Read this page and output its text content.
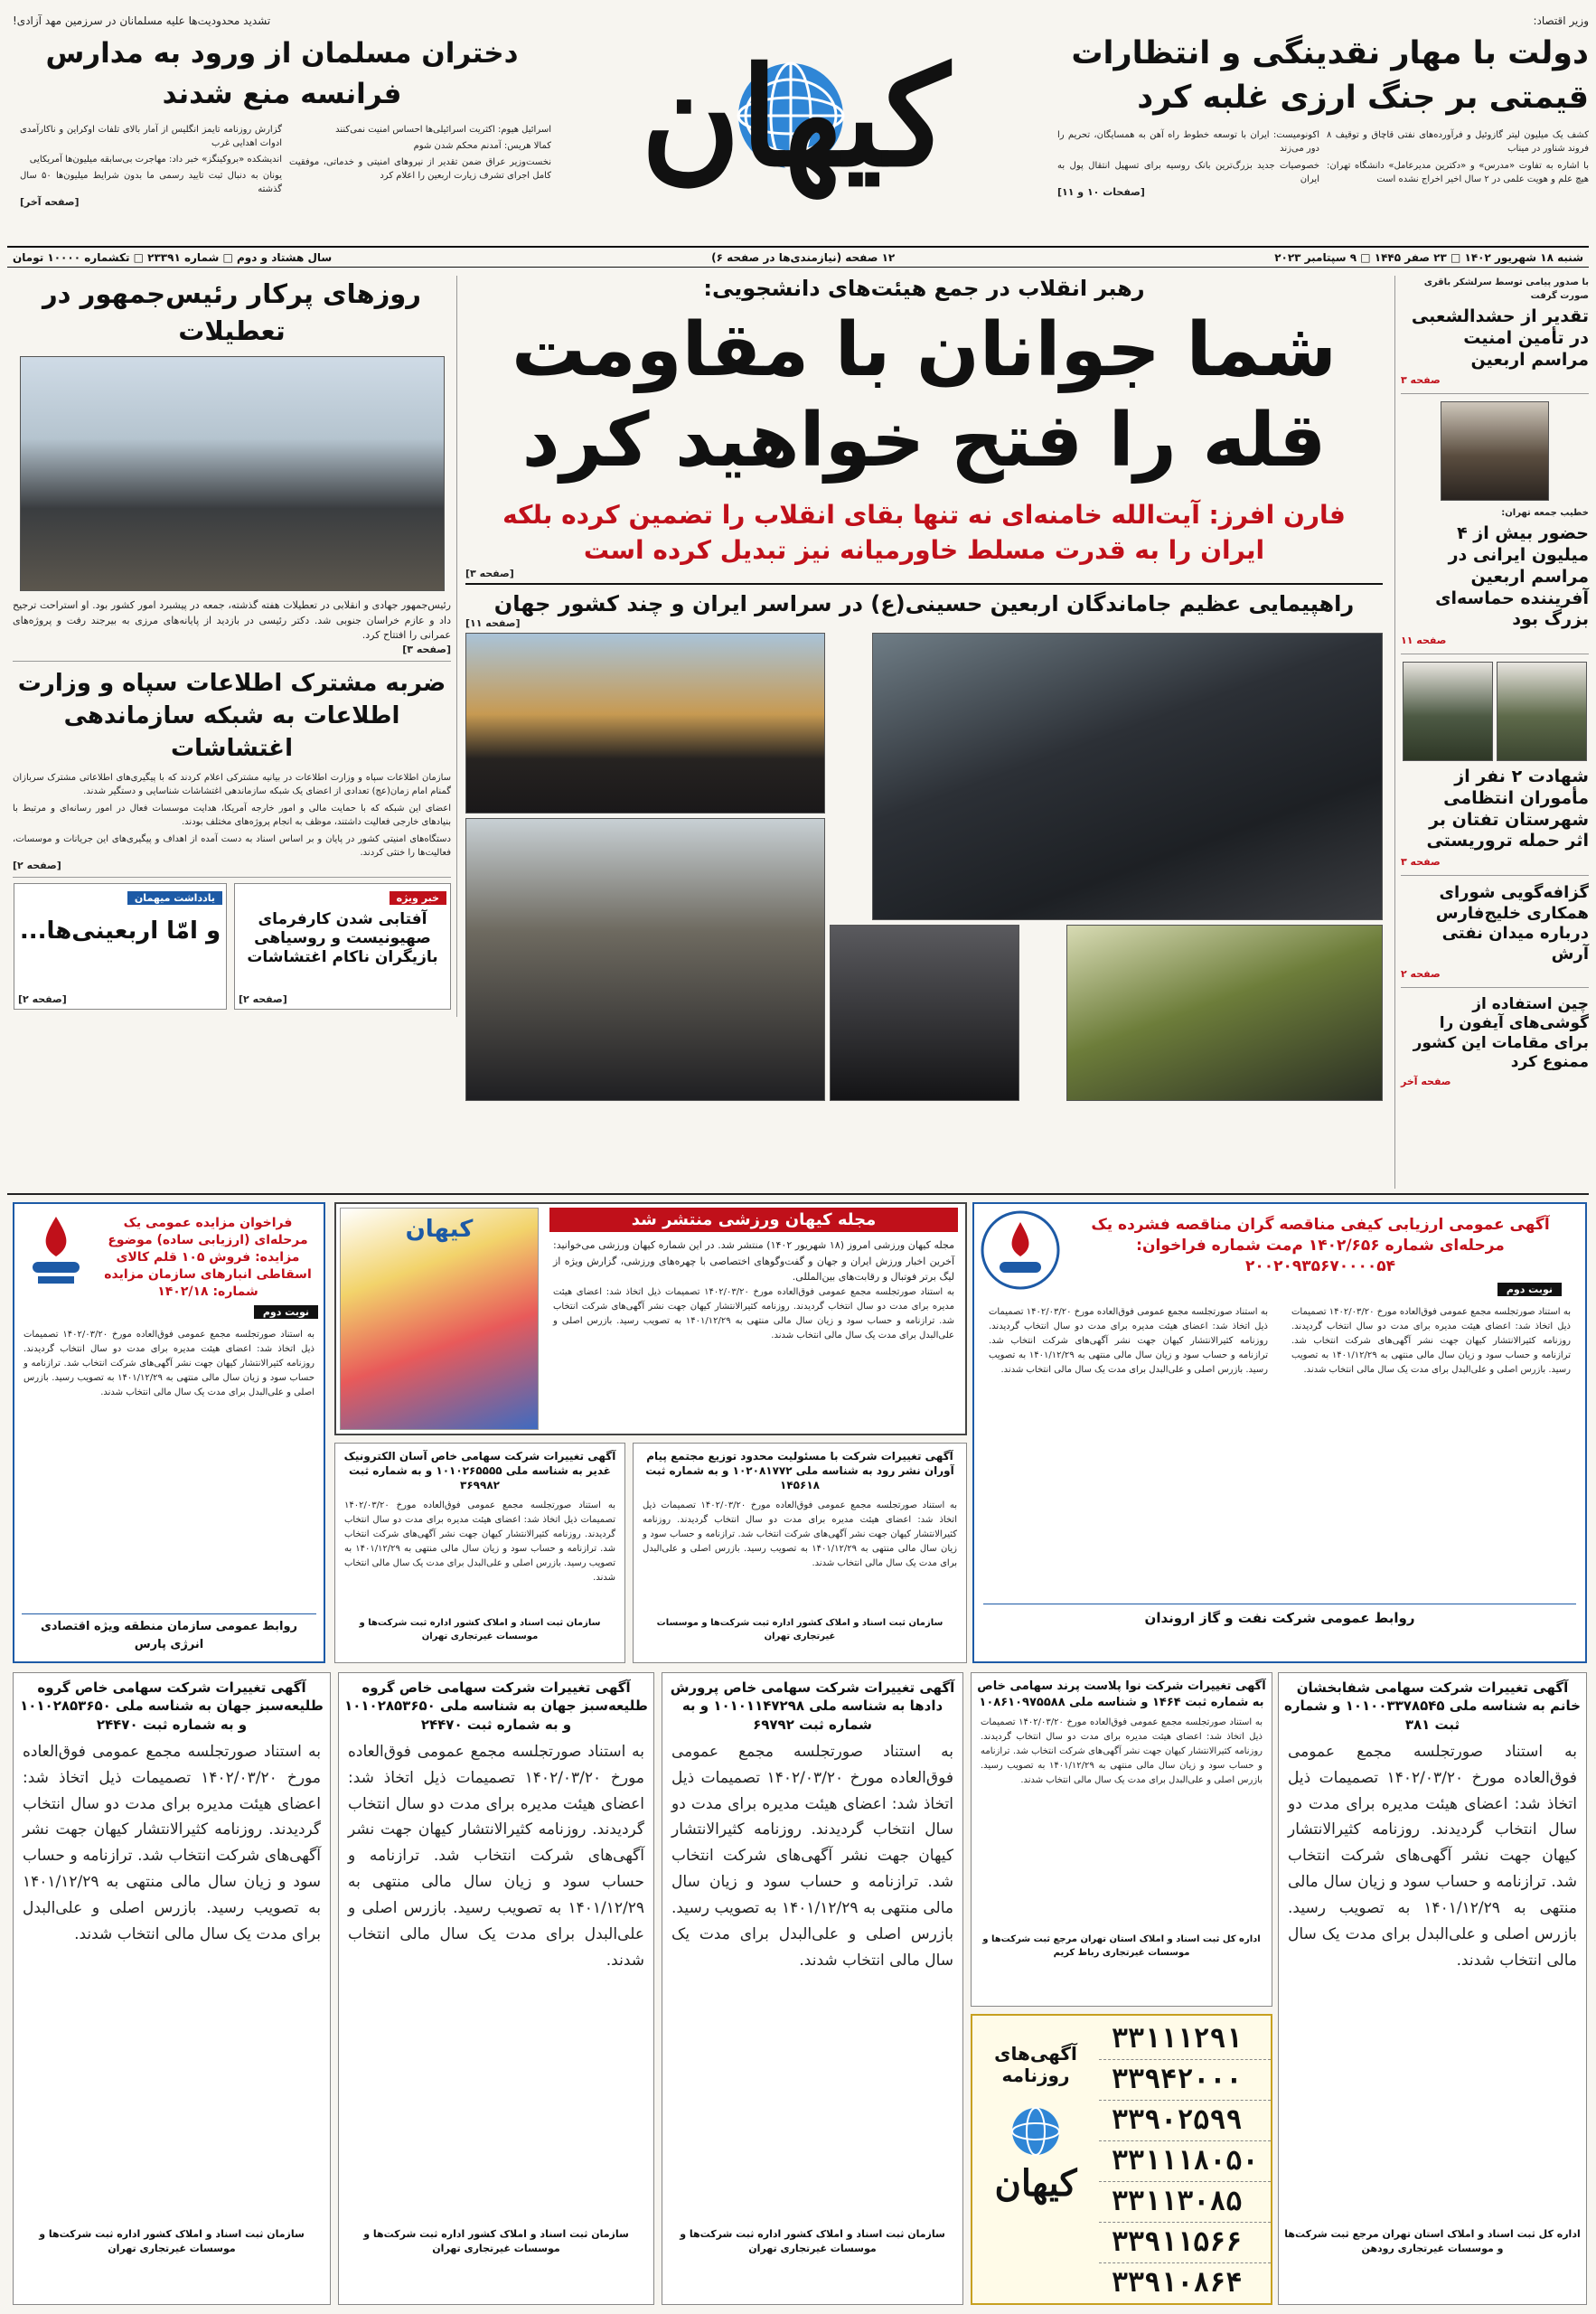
وزیر اقتصاد:
دولت با مهار نقدینگی و انتظارات قیمتی بر جنگ ارزی غلبه کرد
کشف یک میلیون لیتر گازوئیل و فرآورده‌های نفتی قاچاق و توقیف ۸ فروند شناور در میناب
با اشاره به تفاوت «مدرس» و «دکترین مدیرعامل» دانشگاه تهران: هیچ علم و هویت علمی در ۲ سال اخیر اخراج نشده است
اکونومیست: ایران با توسعه خطوط راه آهن به همسایگان، تحریم را دور می‌زند
خصوصیات جدید بزرگ‌ترین بانک روسیه برای تسهیل انتقال پول به ایران
[صفحات ۱۰ و ۱۱]
کیهان
تشدید محدودیت‌ها علیه مسلمانان در سرزمین مهد آزادی!
دختران مسلمان از ورود به مدارس فرانسه منع شدند
اسرائیل هیوم: اکثریت اسرائیلی‌ها احساس امنیت نمی‌کنند
کمالا هریس: آمدنم محکم شدن شوم
نخست‌وزیر عراق ضمن تقدیر از نیروهای امنیتی و خدماتی، موفقیت کامل اجرای تشرف زیارت اربعین را اعلام کرد
گزارش روزنامه تایمز انگلیس از آمار بالای تلفات اوکراین و ناکارآمدی ادوات اهدایی غرب
اندیشکده «بروکینگز» خبر داد: مهاجرت بی‌سابقه میلیون‌ها آمریکایی
یونان به دنبال ثبت تایید رسمی ما بدون شرایط میلیون‌ها ۵۰ سال گذشته
[صفحه آخر]
شنبه ۱۸ شهریور ۱۴۰۲ □ ۲۳ صفر ۱۴۴۵ □ ۹ سپتامبر ۲۰۲۳
۱۲ صفحه (نیازمندی‌ها در صفحه ۶)
سال هشتاد و دوم □ شماره ۲۳۳۹۱ □ تکشماره ۱۰۰۰۰ تومان
با صدور پیامی توسط سرلشکر باقری صورت گرفت
تقدیر از حشدالشعبی در تأمین امنیت مراسم اربعین
صفحه ۳
خطیب جمعه تهران:
حضور بیش از ۴ میلیون ایرانی در مراسم اربعین آفریننده حماسه‌ای بزرگ بود
صفحه ۱۱
شهادت ۲ نفر از مأموران انتظامی شهرستان تفتان بر اثر حمله تروریستی
صفحه ۳
گزافه‌گویی شورای همکاری خلیج‌فارس درباره میدان نفتی آرش
صفحه ۲
چین استفاده از گوشی‌های آیفون را برای مقامات این کشور ممنوع کرد
صفحه آخر
رهبر انقلاب در جمع هیئت‌های دانشجویی:
شما جوانان با مقاومت
قله را فتح خواهید کرد
فارن افرز: آیت‌الله خامنه‌ای نه تنها بقای انقلاب را تضمین کرده بلکه ایران را به قدرت مسلط خاورمیانه نیز تبدیل کرده است
[صفحه ۳]
راهپیمایی عظیم جاماندگان اربعین حسینی(ع) در سراسر ایران و چند کشور جهان
[صفحه ۱۱]
روزهای پرکار رئیس‌جمهور در تعطیلات
رئیس‌جمهور جهادی و انقلابی در تعطیلات هفته گذشته، جمعه در پیشبرد امور کشور بود. او استراحت ترجیح داد و عازم خراسان جنوبی شد. دکتر رئیسی در بازدید از پایانه‌های مرزی به بیرجند رفت و پروژه‌های عمرانی را افتتاح کرد.
[صفحه ۳]
ضربه مشترک اطلاعات سپاه و وزارت اطلاعات به شبکه سازماندهی اغتشاشات
سازمان اطلاعات سپاه و وزارت اطلاعات در بیانیه مشترکی اعلام کردند که با پیگیری‌های اطلاعاتی مشترک سربازان گمنام امام زمان(عج) تعدادی از اعضای یک شبکه سازماندهی اغتشاشات شناسایی و دستگیر شدند.
اعضای این شبکه که با حمایت مالی و امور خارجه آمریکا، هدایت موسسات فعال در امور رسانه‌ای و مرتبط با بنیادهای خارجی فعالیت داشتند، موظف به انجام پروژه‌های مختلف بودند.
دستگاه‌های امنیتی کشور در پایان و بر اساس اسناد به دست آمده از اهداف و پیگیری‌های این جریانات و موسسات، فعالیت‌ها را خنثی کردند.
[صفحه ۲]
خبر ویژه
آفتابی شدن کارفرمای صهیونیست و روسیاهی بازیگران ناکام اغتشاشات
[صفحه ۲]
یادداشت میهمان
و امّا اربعینی‌ها...
[صفحه ۲]
آگهی عمومی ارزیابی کیفی مناقصه گران مناقصه فشرده یک مرحله‌ای شماره ۱۴۰۲/۶۵۶ م‌مت شماره فراخوان: ۲۰۰۲۰۹۳۵۶۷۰۰۰۰۵۴
نوبت دوم
به استناد صورتجلسه مجمع عمومی فوق‌العاده مورخ ۱۴۰۲/۰۳/۲۰ تصمیمات ذیل اتخاذ شد: اعضای هیئت مدیره برای مدت دو سال انتخاب گردیدند. روزنامه کثیرالانتشار کیهان جهت نشر آگهی‌های شرکت انتخاب شد. ترازنامه و حساب سود و زیان سال مالی منتهی به ۱۴۰۱/۱۲/۲۹ به تصویب رسید. بازرس اصلی و علی‌البدل برای مدت یک سال مالی انتخاب شدند.
به استناد صورتجلسه مجمع عمومی فوق‌العاده مورخ ۱۴۰۲/۰۳/۲۰ تصمیمات ذیل اتخاذ شد: اعضای هیئت مدیره برای مدت دو سال انتخاب گردیدند. روزنامه کثیرالانتشار کیهان جهت نشر آگهی‌های شرکت انتخاب شد. ترازنامه و حساب سود و زیان سال مالی منتهی به ۱۴۰۱/۱۲/۲۹ به تصویب رسید. بازرس اصلی و علی‌البدل برای مدت یک سال مالی انتخاب شدند.
روابط عمومی شرکت نفت و گاز اروندان
مجله کیهان ورزشی منتشر شد
مجله کیهان ورزشی امروز (۱۸ شهریور ۱۴۰۲) منتشر شد. در این شماره کیهان ورزشی می‌خوانید: آخرین اخبار ورزش ایران و جهان و گفت‌وگوهای اختصاصی با چهره‌های ورزشی، گزارش ویژه از لیگ برتر فوتبال و رقابت‌های بین‌المللی.
به استناد صورتجلسه مجمع عمومی فوق‌العاده مورخ ۱۴۰۲/۰۳/۲۰ تصمیمات ذیل اتخاذ شد: اعضای هیئت مدیره برای مدت دو سال انتخاب گردیدند. روزنامه کثیرالانتشار کیهان جهت نشر آگهی‌های شرکت انتخاب شد. ترازنامه و حساب سود و زیان سال مالی منتهی به ۱۴۰۱/۱۲/۲۹ به تصویب رسید. بازرس اصلی و علی‌البدل برای مدت یک سال مالی انتخاب شدند.
کیهان
فراخوان مزایده عمومی یک مرحله‌ای (ارزیابی ساده) موضوع مزایده: فروش ۱۰۵ قلم کالای اسقاطی انبارهای سازمان مزایده شماره: ۱۴۰۲/۱۸
نوبت دوم
به استناد صورتجلسه مجمع عمومی فوق‌العاده مورخ ۱۴۰۲/۰۳/۲۰ تصمیمات ذیل اتخاذ شد: اعضای هیئت مدیره برای مدت دو سال انتخاب گردیدند. روزنامه کثیرالانتشار کیهان جهت نشر آگهی‌های شرکت انتخاب شد. ترازنامه و حساب سود و زیان سال مالی منتهی به ۱۴۰۱/۱۲/۲۹ به تصویب رسید. بازرس اصلی و علی‌البدل برای مدت یک سال مالی انتخاب شدند.
روابط عمومی سازمان منطقه ویژه اقتصادی انرژی پارس
آگهی تغییرات شرکت با مسئولیت محدود توزیع مجتمع پیام آوران نشر رود به شناسه ملی ۱۰۲۰۸۱۷۷۲ و به شماره ثبت ۱۴۵۶۱۸
به استناد صورتجلسه مجمع عمومی فوق‌العاده مورخ ۱۴۰۲/۰۳/۲۰ تصمیمات ذیل اتخاذ شد: اعضای هیئت مدیره برای مدت دو سال انتخاب گردیدند. روزنامه کثیرالانتشار کیهان جهت نشر آگهی‌های شرکت انتخاب شد. ترازنامه و حساب سود و زیان سال مالی منتهی به ۱۴۰۱/۱۲/۲۹ به تصویب رسید. بازرس اصلی و علی‌البدل برای مدت یک سال مالی انتخاب شدند.
سازمان ثبت اسناد و املاک کشور اداره ثبت شرکت‌ها و موسسات غیرتجاری تهران
آگهی تغییرات شرکت سهامی خاص آسان الکترونیک غدیر به شناسه ملی ۱۰۱۰۲۶۵۵۵۵ و به شماره ثبت ۳۶۹۹۸۲
به استناد صورتجلسه مجمع عمومی فوق‌العاده مورخ ۱۴۰۲/۰۳/۲۰ تصمیمات ذیل اتخاذ شد: اعضای هیئت مدیره برای مدت دو سال انتخاب گردیدند. روزنامه کثیرالانتشار کیهان جهت نشر آگهی‌های شرکت انتخاب شد. ترازنامه و حساب سود و زیان سال مالی منتهی به ۱۴۰۱/۱۲/۲۹ به تصویب رسید. بازرس اصلی و علی‌البدل برای مدت یک سال مالی انتخاب شدند.
سازمان ثبت اسناد و املاک کشور اداره ثبت شرکت‌ها و موسسات غیرتجاری تهران
آگهی تغییرات شرکت سهامی شفابخشان خانم به شناسه ملی ۱۰۱۰۰۳۳۷۸۵۴۵ و شماره ثبت ۳۸۱
به استناد صورتجلسه مجمع عمومی فوق‌العاده مورخ ۱۴۰۲/۰۳/۲۰ تصمیمات ذیل اتخاذ شد: اعضای هیئت مدیره برای مدت دو سال انتخاب گردیدند. روزنامه کثیرالانتشار کیهان جهت نشر آگهی‌های شرکت انتخاب شد. ترازنامه و حساب سود و زیان سال مالی منتهی به ۱۴۰۱/۱۲/۲۹ به تصویب رسید. بازرس اصلی و علی‌البدل برای مدت یک سال مالی انتخاب شدند.
اداره کل ثبت اسناد و املاک استان تهران مرجع ثبت شرکت‌ها و موسسات غیرتجاری رودهن
آگهی تغییرات شرکت نوا پلاست پرند سهامی خاص به شماره ثبت ۱۴۶۴ و شناسه ملی ۱۰۸۶۱۰۹۷۵۵۸۸
به استناد صورتجلسه مجمع عمومی فوق‌العاده مورخ ۱۴۰۲/۰۳/۲۰ تصمیمات ذیل اتخاذ شد: اعضای هیئت مدیره برای مدت دو سال انتخاب گردیدند. روزنامه کثیرالانتشار کیهان جهت نشر آگهی‌های شرکت انتخاب شد. ترازنامه و حساب سود و زیان سال مالی منتهی به ۱۴۰۱/۱۲/۲۹ به تصویب رسید. بازرس اصلی و علی‌البدل برای مدت یک سال مالی انتخاب شدند.
اداره کل ثبت اسناد و املاک استان تهران مرجع ثبت شرکت‌ها و موسسات غیرتجاری رباط کریم
۳۳۱۱۱۲۹۱
۳۳۹۴۲۰۰۰
۳۳۹۰۲۵۹۹
۳۳۱۱۱۸۰۵۰
۳۳۱۱۳۰۸۵
۳۳۹۱۱۵۶۶
۳۳۹۱۰۸۶۴
آگهی‌های روزنامه
کیهان
آگهی تغییرات شرکت سهامی خاص پرورش دادها به شناسه ملی ۱۰۱۰۱۱۴۷۲۹۸ و به شماره ثبت ۶۹۷۹۲
به استناد صورتجلسه مجمع عمومی فوق‌العاده مورخ ۱۴۰۲/۰۳/۲۰ تصمیمات ذیل اتخاذ شد: اعضای هیئت مدیره برای مدت دو سال انتخاب گردیدند. روزنامه کثیرالانتشار کیهان جهت نشر آگهی‌های شرکت انتخاب شد. ترازنامه و حساب سود و زیان سال مالی منتهی به ۱۴۰۱/۱۲/۲۹ به تصویب رسید. بازرس اصلی و علی‌البدل برای مدت یک سال مالی انتخاب شدند.
سازمان ثبت اسناد و املاک کشور اداره ثبت شرکت‌ها و موسسات غیرتجاری تهران
آگهی تغییرات شرکت سهامی خاص گروه طلیعه‌سبز جهان به شناسه ملی ۱۰۱۰۲۸۵۳۶۵۰ و به شماره ثبت ۲۴۴۷۰
به استناد صورتجلسه مجمع عمومی فوق‌العاده مورخ ۱۴۰۲/۰۳/۲۰ تصمیمات ذیل اتخاذ شد: اعضای هیئت مدیره برای مدت دو سال انتخاب گردیدند. روزنامه کثیرالانتشار کیهان جهت نشر آگهی‌های شرکت انتخاب شد. ترازنامه و حساب سود و زیان سال مالی منتهی به ۱۴۰۱/۱۲/۲۹ به تصویب رسید. بازرس اصلی و علی‌البدل برای مدت یک سال مالی انتخاب شدند.
سازمان ثبت اسناد و املاک کشور اداره ثبت شرکت‌ها و موسسات غیرتجاری تهران
آگهی تغییرات شرکت سهامی خاص گروه طلیعه‌سبز جهان به شناسه ملی ۱۰۱۰۲۸۵۳۶۵۰ و به شماره ثبت ۲۴۴۷۰
به استناد صورتجلسه مجمع عمومی فوق‌العاده مورخ ۱۴۰۲/۰۳/۲۰ تصمیمات ذیل اتخاذ شد: اعضای هیئت مدیره برای مدت دو سال انتخاب گردیدند. روزنامه کثیرالانتشار کیهان جهت نشر آگهی‌های شرکت انتخاب شد. ترازنامه و حساب سود و زیان سال مالی منتهی به ۱۴۰۱/۱۲/۲۹ به تصویب رسید. بازرس اصلی و علی‌البدل برای مدت یک سال مالی انتخاب شدند.
سازمان ثبت اسناد و املاک کشور اداره ثبت شرکت‌ها و موسسات غیرتجاری تهران
